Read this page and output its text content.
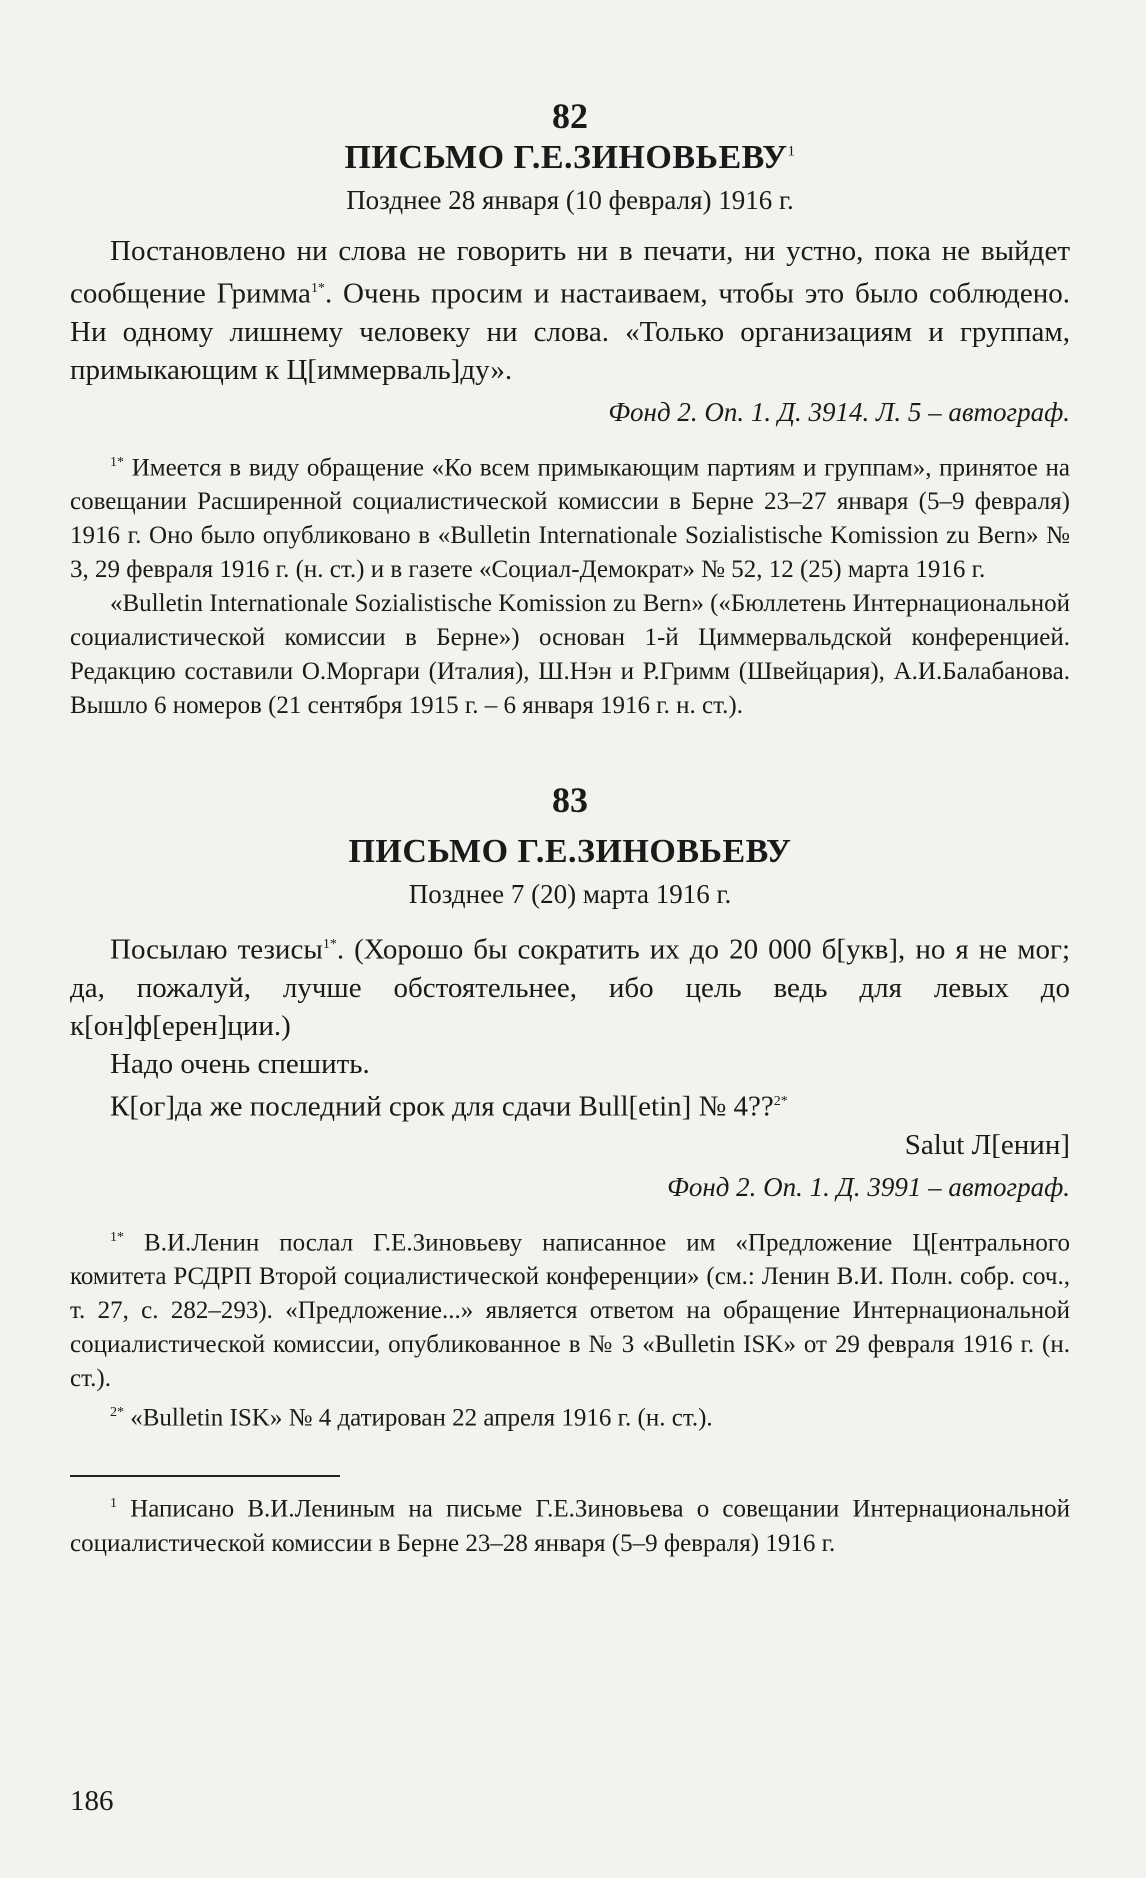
82

ПИСЬМО Г.Е.ЗИНОВЬЕВУ$^1$

Позднее 28 января (10 февраля) 1916 г.

Постановлено ни слова не говорить ни в печати, ни устно, пока не выйдет сообщение Гримма$^{1*}$. Очень просим и настаиваем, чтобы это было соблюдено. Ни одному лишнему человеку ни слова. «Только организациям и группам, примыкающим к Ц[иммерваль]ду».

Фонд 2. Оп. 1. Д. 3914. Л. 5 – автограф.

$^{1*}$ Имеется в виду обращение «Ко всем примыкающим партиям и группам», принятое на совещании Расширенной социалистической комиссии в Берне 23–27 января (5–9 февраля) 1916 г. Оно было опубликовано в «Bulletin Internationale Sozialistische Komission zu Bern» № 3, 29 февраля 1916 г. (н. ст.) и в газете «Социал-Демократ» № 52, 12 (25) марта 1916 г.

«Bulletin Internationale Sozialistische Komission zu Bern» («Бюллетень Интернациональной социалистической комиссии в Берне») основан 1-й Циммервальдской конференцией. Редакцию составили О.Моргари (Италия), Ш.Нэн и Р.Гримм (Швейцария), А.И.Балабанова. Вышло 6 номеров (21 сентября 1915 г. – 6 января 1916 г. н. ст.).

83

ПИСЬМО Г.Е.ЗИНОВЬЕВУ

Позднее 7 (20) марта 1916 г.

Посылаю тезисы$^{1*}$. (Хорошо бы сократить их до 20 000 б[укв], но я не мог; да, пожалуй, лучше обстоятельнее, ибо цель ведь для левых до к[он]ф[ерен]ции.)

Надо очень спешить.

К[ог]да же последний срок для сдачи Bull[etin] № 4??$^{2*}$

Salut Л[енин]

Фонд 2. Оп. 1. Д. 3991 – автограф.

$^{1*}$ В.И.Ленин послал Г.Е.Зиновьеву написанное им «Предложение Ц[ентрального комитета РСДРП Второй социалистической конференции» (см.: Ленин В.И. Полн. собр. соч., т. 27, с. 282–293). «Предложение...» является ответом на обращение Интернациональной социалистической комиссии, опубликованное в № 3 «Bulletin ISK» от 29 февраля 1916 г. (н. ст.).

$^{2*}$ «Bulletin ISK» № 4 датирован 22 апреля 1916 г. (н. ст.).

$^1$ Написано В.И.Лениным на письме Г.Е.Зиновьева о совещании Интернациональной социалистической комиссии в Берне 23–28 января (5–9 февраля) 1916 г.

186
